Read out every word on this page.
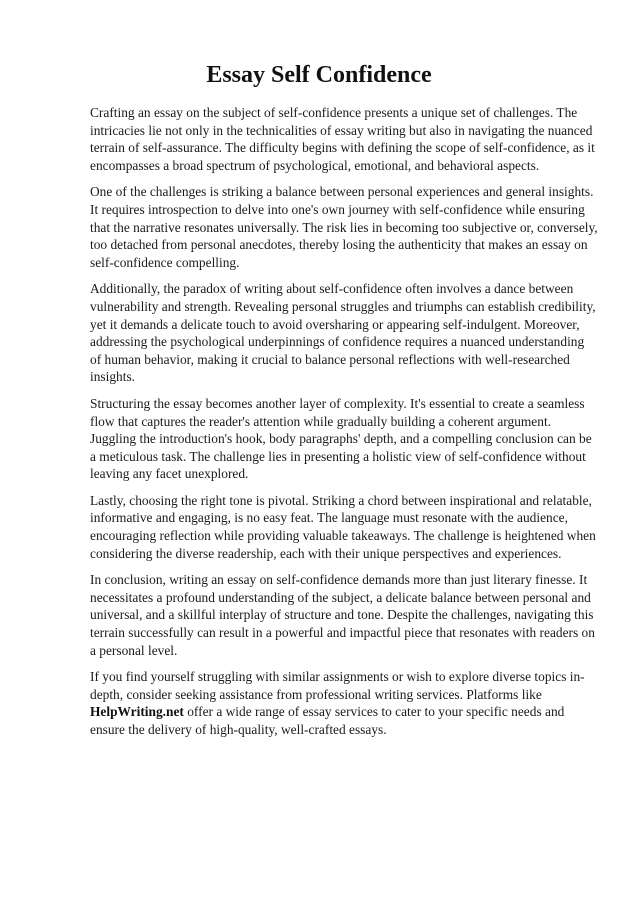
Essay Self Confidence

Crafting an essay on the subject of self-confidence presents a unique set of challenges. The intricacies lie not only in the technicalities of essay writing but also in navigating the nuanced terrain of self-assurance. The difficulty begins with defining the scope of self-confidence, as it encompasses a broad spectrum of psychological, emotional, and behavioral aspects.

One of the challenges is striking a balance between personal experiences and general insights. It requires introspection to delve into one's own journey with self-confidence while ensuring that the narrative resonates universally. The risk lies in becoming too subjective or, conversely, too detached from personal anecdotes, thereby losing the authenticity that makes an essay on self-confidence compelling.

Additionally, the paradox of writing about self-confidence often involves a dance between vulnerability and strength. Revealing personal struggles and triumphs can establish credibility, yet it demands a delicate touch to avoid oversharing or appearing self-indulgent. Moreover, addressing the psychological underpinnings of confidence requires a nuanced understanding of human behavior, making it crucial to balance personal reflections with well-researched insights.

Structuring the essay becomes another layer of complexity. It's essential to create a seamless flow that captures the reader's attention while gradually building a coherent argument. Juggling the introduction's hook, body paragraphs' depth, and a compelling conclusion can be a meticulous task. The challenge lies in presenting a holistic view of self-confidence without leaving any facet unexplored.

Lastly, choosing the right tone is pivotal. Striking a chord between inspirational and relatable, informative and engaging, is no easy feat. The language must resonate with the audience, encouraging reflection while providing valuable takeaways. The challenge is heightened when considering the diverse readership, each with their unique perspectives and experiences.

In conclusion, writing an essay on self-confidence demands more than just literary finesse. It necessitates a profound understanding of the subject, a delicate balance between personal and universal, and a skillful interplay of structure and tone. Despite the challenges, navigating this terrain successfully can result in a powerful and impactful piece that resonates with readers on a personal level.

If you find yourself struggling with similar assignments or wish to explore diverse topics in-depth, consider seeking assistance from professional writing services. Platforms like HelpWriting.net offer a wide range of essay services to cater to your specific needs and ensure the delivery of high-quality, well-crafted essays.
